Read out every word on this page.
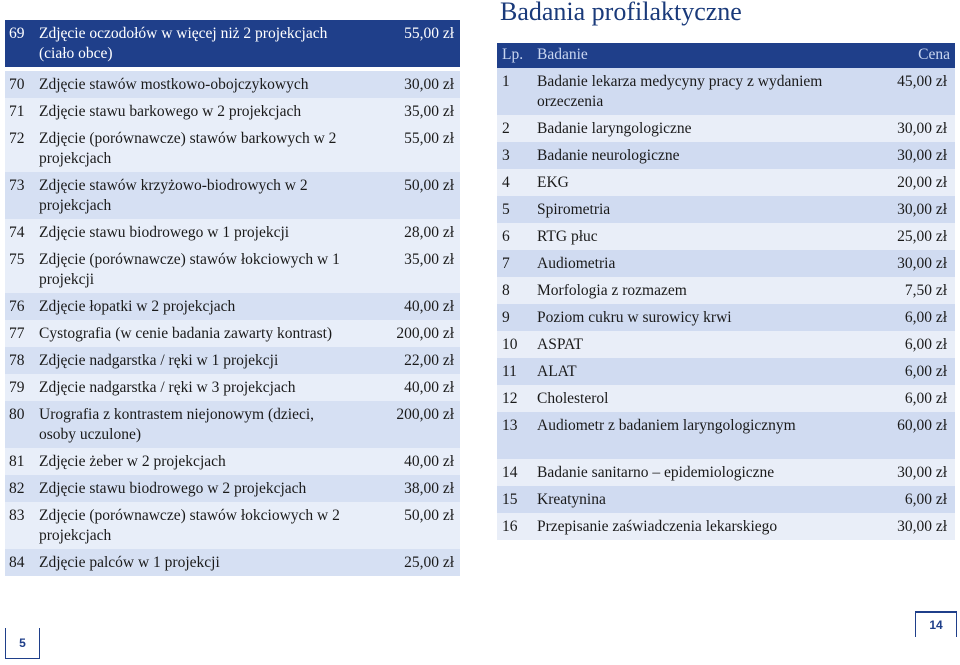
69	Zdjęcie oczodołów w więcej niż 2 projekcjach (ciało obce)	55,00 zł

70	Zdjęcie stawów mostkowo-obojczykowych	30,00 zł
71	Zdjęcie stawu barkowego w 2 projekcjach	35,00 zł
72	Zdjęcie (porównawcze) stawów barkowych w 2 projekcjach	55,00 zł
73	Zdjęcie stawów krzyżowo-biodrowych w 2 projekcjach	50,00 zł
74	Zdjęcie stawu biodrowego w 1 projekcji	28,00 zł
75	Zdjęcie (porównawcze) stawów łokciowych w 1 projekcji	35,00 zł
76	Zdjęcie łopatki w 2 projekcjach	40,00 zł
77	Cystografia (w cenie badania zawarty kontrast)	200,00 zł
78	Zdjęcie nadgarstka / ręki w 1 projekcji	22,00 zł
79	Zdjęcie nadgarstka / ręki w 3 projekcjach	40,00 zł
80	Urografia z kontrastem niejonowym (dzieci, osoby uczulone)	200,00 zł
81	Zdjęcie żeber w 2 projekcjach	40,00 zł
82	Zdjęcie stawu biodrowego w 2 projekcjach	38,00 zł
83	Zdjęcie (porównawcze) stawów łokciowych w 2 projekcjach	50,00 zł
84	Zdjęcie palców w 1 projekcji	25,00 zł
Badania profilaktyczne
Lp.	Badanie	Cena
1	Badanie lekarza medycyny pracy z wydaniem orzeczenia	45,00 zł
2	Badanie laryngologiczne	30,00 zł
3	Badanie neurologiczne	30,00 zł
4	EKG	20,00 zł
5	Spirometria	30,00 zł
6	RTG płuc	25,00 zł
7	Audiometria	30,00 zł
8	Morfologia z rozmazem	7,50 zł
9	Poziom cukru w surowicy krwi	6,00 zł
10	ASPAT	6,00 zł
11	ALAT	6,00 zł
12	Cholesterol	6,00 zł
13	Audiometr z badaniem laryngologicznym	60,00 zł
14	Badanie sanitarno – epidemiologiczne	30,00 zł
15	Kreatynina	6,00 zł
16	Przepisanie zaświadczenia lekarskiego	30,00 zł
5
14
